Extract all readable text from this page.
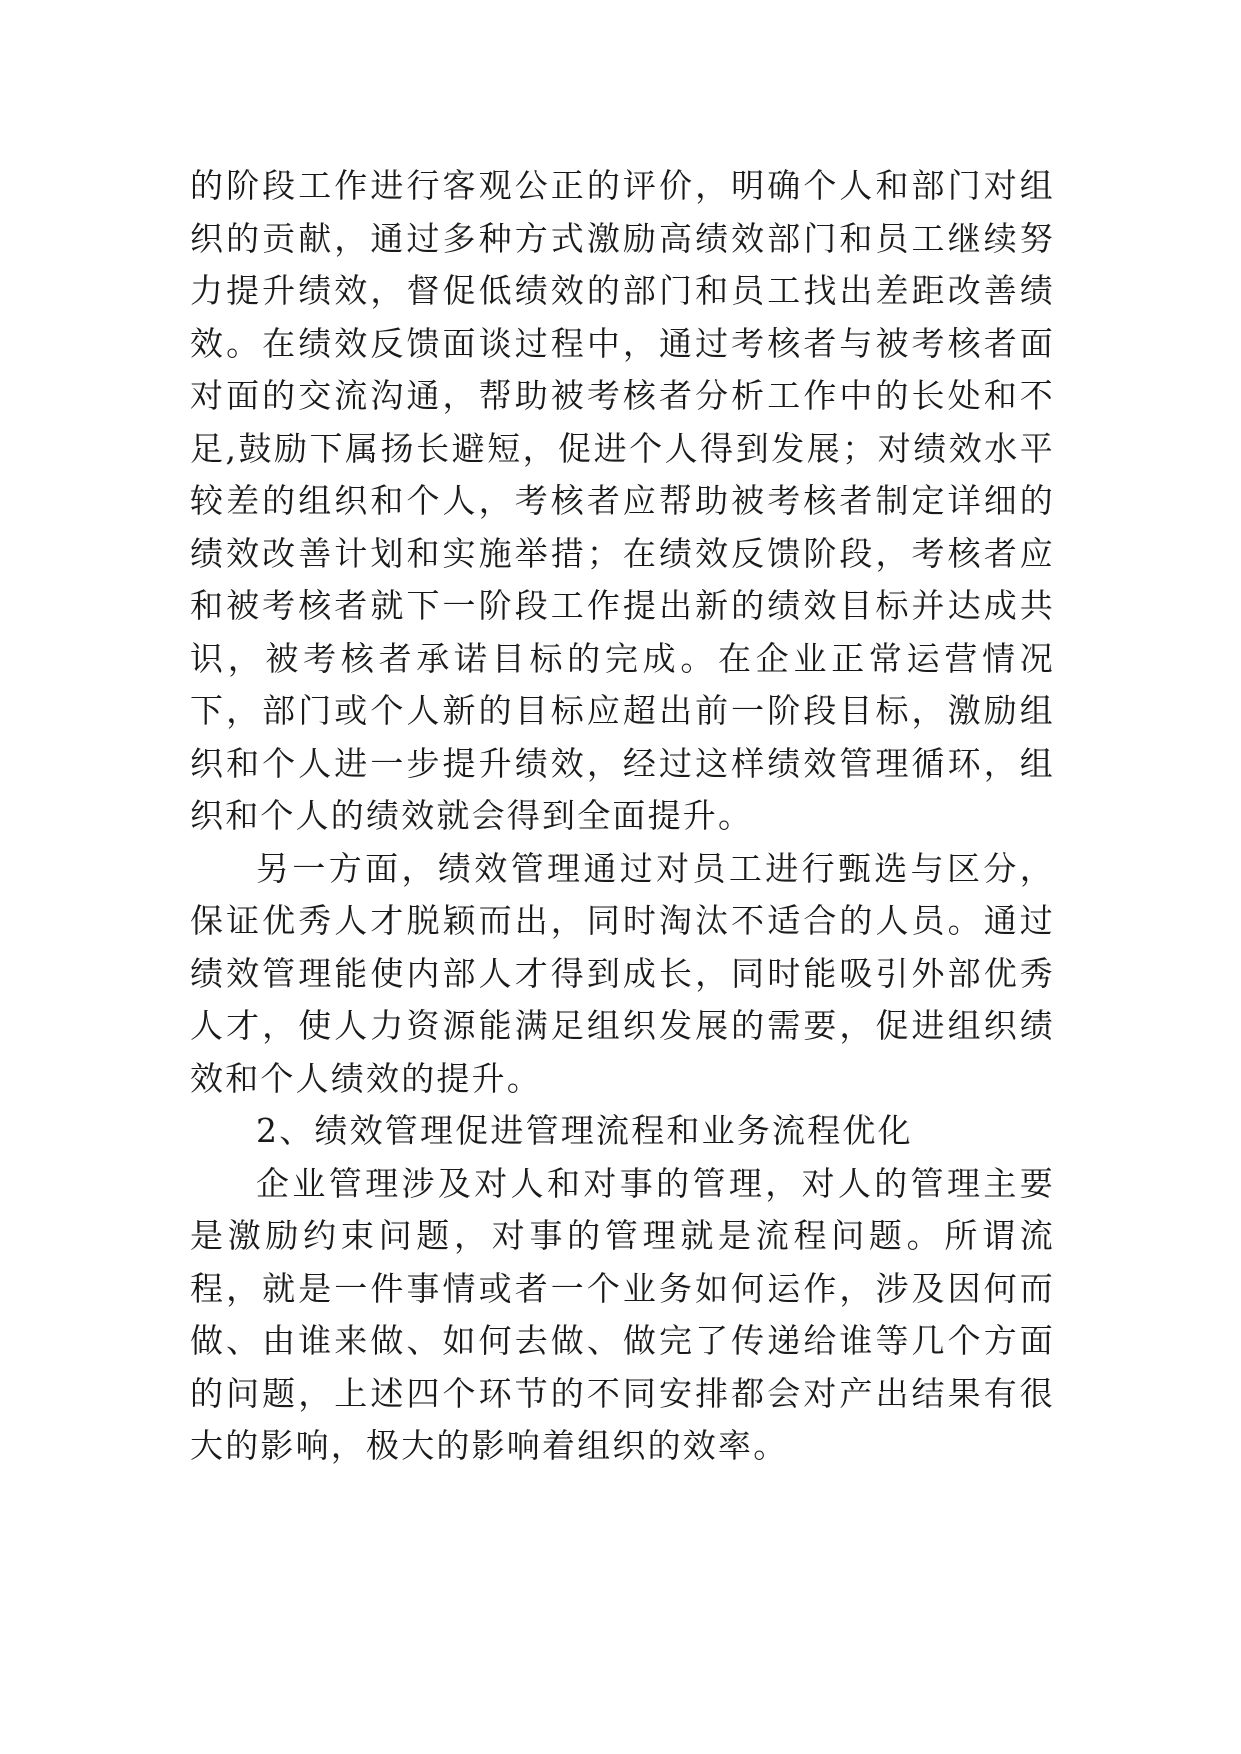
的阶段工作进行客观公正的评价，明确个人和部门对组织的贡献，通过多种方式激励高绩效部门和员工继续努力提升绩效，督促低绩效的部门和员工找出差距改善绩效。在绩效反馈面谈过程中，通过考核者与被考核者面对面的交流沟通，帮助被考核者分析工作中的长处和不足,鼓励下属扬长避短，促进个人得到发展；对绩效水平较差的组织和个人，考核者应帮助被考核者制定详细的绩效改善计划和实施举措；在绩效反馈阶段，考核者应和被考核者就下一阶段工作提出新的绩效目标并达成共识，被考核者承诺目标的完成。在企业正常运营情况下，部门或个人新的目标应超出前一阶段目标，激励组织和个人进一步提升绩效，经过这样绩效管理循环，组织和个人的绩效就会得到全面提升。

另一方面，绩效管理通过对员工进行甄选与区分，保证优秀人才脱颖而出，同时淘汰不适合的人员。通过绩效管理能使内部人才得到成长，同时能吸引外部优秀人才，使人力资源能满足组织发展的需要，促进组织绩效和个人绩效的提升。

2、绩效管理促进管理流程和业务流程优化

企业管理涉及对人和对事的管理，对人的管理主要是激励约束问题，对事的管理就是流程问题。所谓流程，就是一件事情或者一个业务如何运作，涉及因何而做、由谁来做、如何去做、做完了传递给谁等几个方面的问题，上述四个环节的不同安排都会对产出结果有很大的影响，极大的影响着组织的效率。
